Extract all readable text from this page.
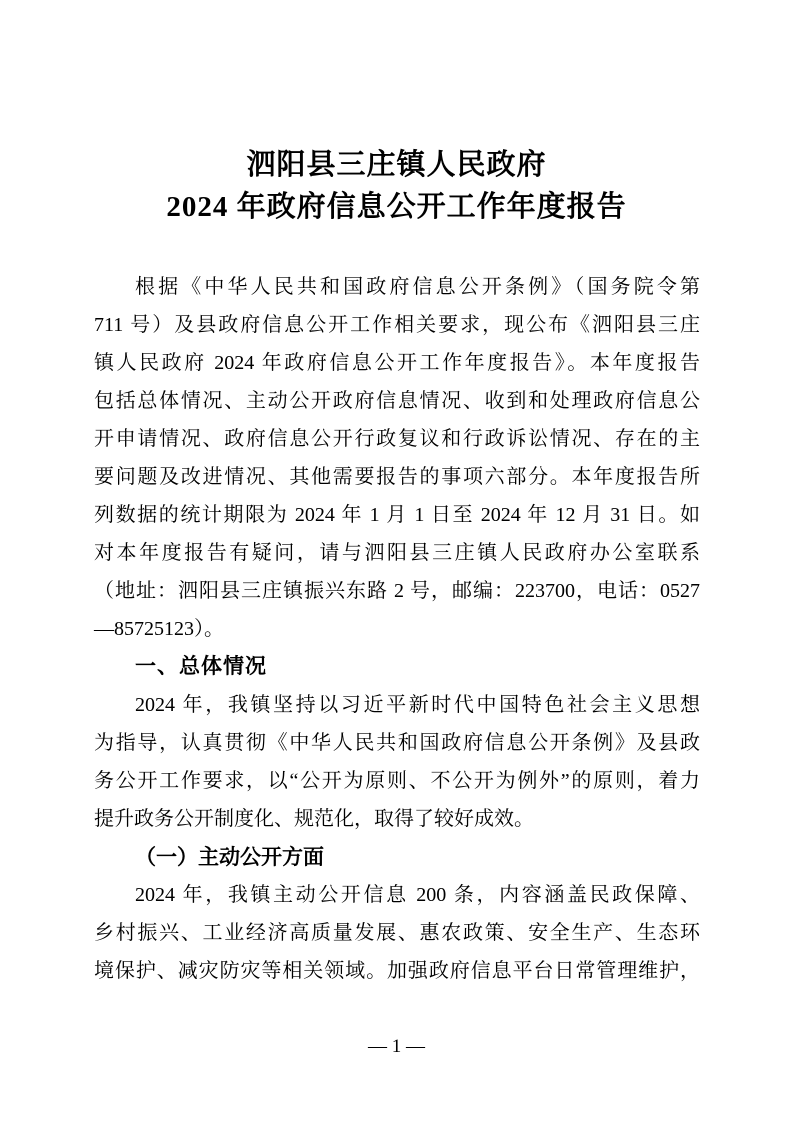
泗阳县三庄镇人民政府
2024 年政府信息公开工作年度报告
根据《中华人民共和国政府信息公开条例》（国务院令第
711 号）及县政府信息公开工作相关要求，现公布《泗阳县三庄
镇人民政府 2024 年政府信息公开工作年度报告》。本年度报告
包括总体情况、主动公开政府信息情况、收到和处理政府信息公
开申请情况、政府信息公开行政复议和行政诉讼情况、存在的主
要问题及改进情况、其他需要报告的事项六部分。本年度报告所
列数据的统计期限为 2024 年 1 月 1 日至 2024 年 12 月 31 日。如
对本年度报告有疑问，请与泗阳县三庄镇人民政府办公室联系
（地址：泗阳县三庄镇振兴东路 2 号，邮编：223700，电话：0527
—85725123）。
一、总体情况
2024 年，我镇坚持以习近平新时代中国特色社会主义思想
为指导，认真贯彻《中华人民共和国政府信息公开条例》及县政
务公开工作要求，以“公开为原则、不公开为例外”的原则，着力
提升政务公开制度化、规范化，取得了较好成效。
（一）主动公开方面
2024 年，我镇主动公开信息 200 条，内容涵盖民政保障、
乡村振兴、工业经济高质量发展、惠农政策、安全生产、生态环
境保护、减灾防灾等相关领域。加强政府信息平台日常管理维护，
— 1 —
